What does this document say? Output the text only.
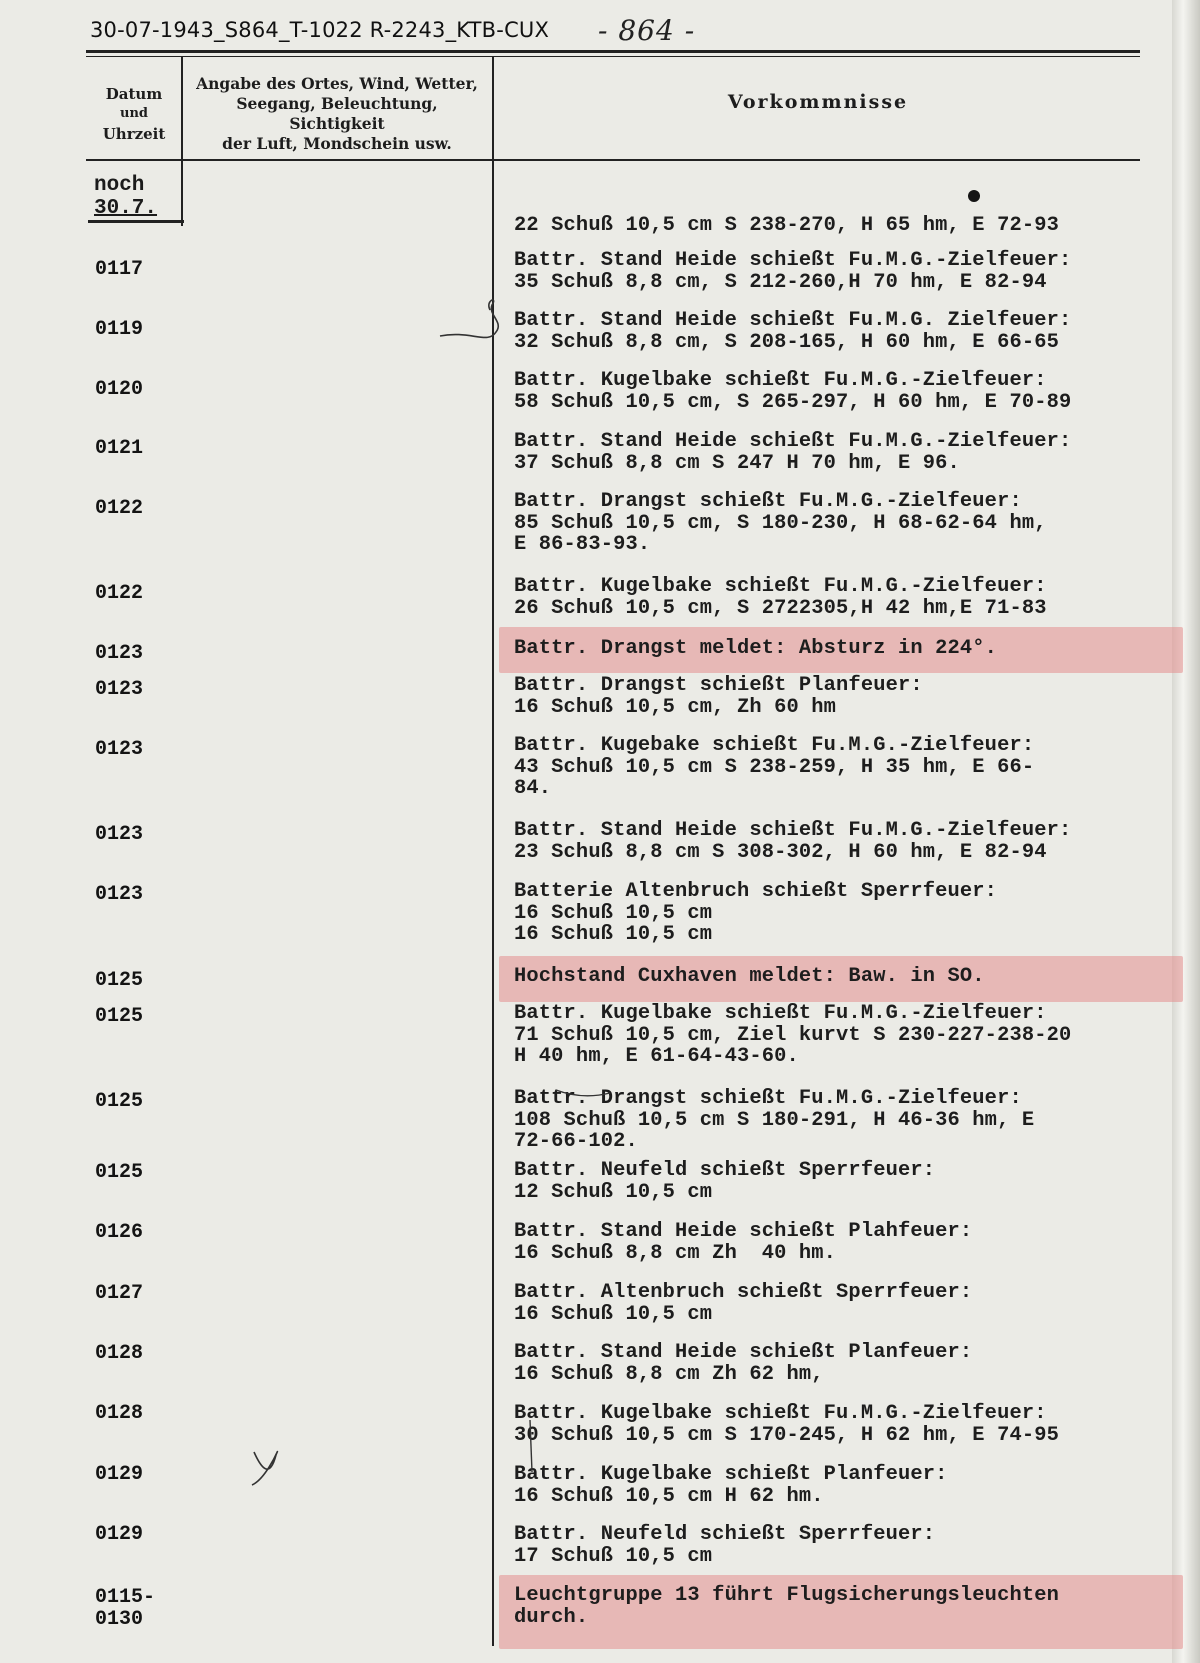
30-07-1943_S864_T-1022 R-2243_KTB-CUX - 864 -
Datum
und
Uhrzeit
Angabe des Ortes, Wind, Wetter,
Seegang, Beleuchtung, Sichtigkeit
der Luft, Mondschein usw.
Vorkommnisse
noch
30.7.
0117
0119
0120
0121
0122
0122
0123
0123
0123
0123
0123
0125
0125
0125
0125
0126
0127
0128
0128
0129
0129
0115-
0130
22 Schuß 10,5 cm S 238-270, H 65 hm, E 72-93
Battr. Stand Heide schießt Fu.M.G.-Zielfeuer:
35 Schuß 8,8 cm, S 212-260,H 70 hm, E 82-94
Battr. Stand Heide schießt Fu.M.G. Zielfeuer:
32 Schuß 8,8 cm, S 208-165, H 60 hm, E 66-65
Battr. Kugelbake schießt Fu.M.G.-Zielfeuer:
58 Schuß 10,5 cm, S 265-297, H 60 hm, E 70-89
Battr. Stand Heide schießt Fu.M.G.-Zielfeuer:
37 Schuß 8,8 cm S 247 H 70 hm, E 96.
Battr. Drangst schießt Fu.M.G.-Zielfeuer:
85 Schuß 10,5 cm, S 180-230, H 68-62-64 hm,
E 86-83-93.
Battr. Kugelbake schießt Fu.M.G.-Zielfeuer:
26 Schuß 10,5 cm, S 2722305,H 42 hm,E 71-83
Battr. Drangst meldet: Absturz in 224°.
Battr. Drangst schießt Planfeuer:
16 Schuß 10,5 cm, Zh 60 hm
Battr. Kugebake schießt Fu.M.G.-Zielfeuer:
43 Schuß 10,5 cm S 238-259, H 35 hm, E 66-
84.
Battr. Stand Heide schießt Fu.M.G.-Zielfeuer:
23 Schuß 8,8 cm S 308-302, H 60 hm, E 82-94
Batterie Altenbruch schießt Sperrfeuer:
16 Schuß 10,5 cm
16 Schuß 10,5 cm
Hochstand Cuxhaven meldet: Baw. in SO.
Battr. Kugelbake schießt Fu.M.G.-Zielfeuer:
71 Schuß 10,5 cm, Ziel kurvt S 230-227-238-20
H 40 hm, E 61-64-43-60.
Battr. Drangst schießt Fu.M.G.-Zielfeuer:
108 Schuß 10,5 cm S 180-291, H 46-36 hm, E
72-66-102.
Battr. Neufeld schießt Sperrfeuer:
12 Schuß 10,5 cm
Battr. Stand Heide schießt Plahfeuer:
16 Schuß 8,8 cm Zh  40 hm.
Battr. Altenbruch schießt Sperrfeuer:
16 Schuß 10,5 cm
Battr. Stand Heide schießt Planfeuer:
16 Schuß 8,8 cm Zh 62 hm,
Battr. Kugelbake schießt Fu.M.G.-Zielfeuer:
30 Schuß 10,5 cm S 170-245, H 62 hm, E 74-95
Battr. Kugelbake schießt Planfeuer:
16 Schuß 10,5 cm H 62 hm.
Battr. Neufeld schießt Sperrfeuer:
17 Schuß 10,5 cm
Leuchtgruppe 13 führt Flugsicherungsleuchten
durch.
